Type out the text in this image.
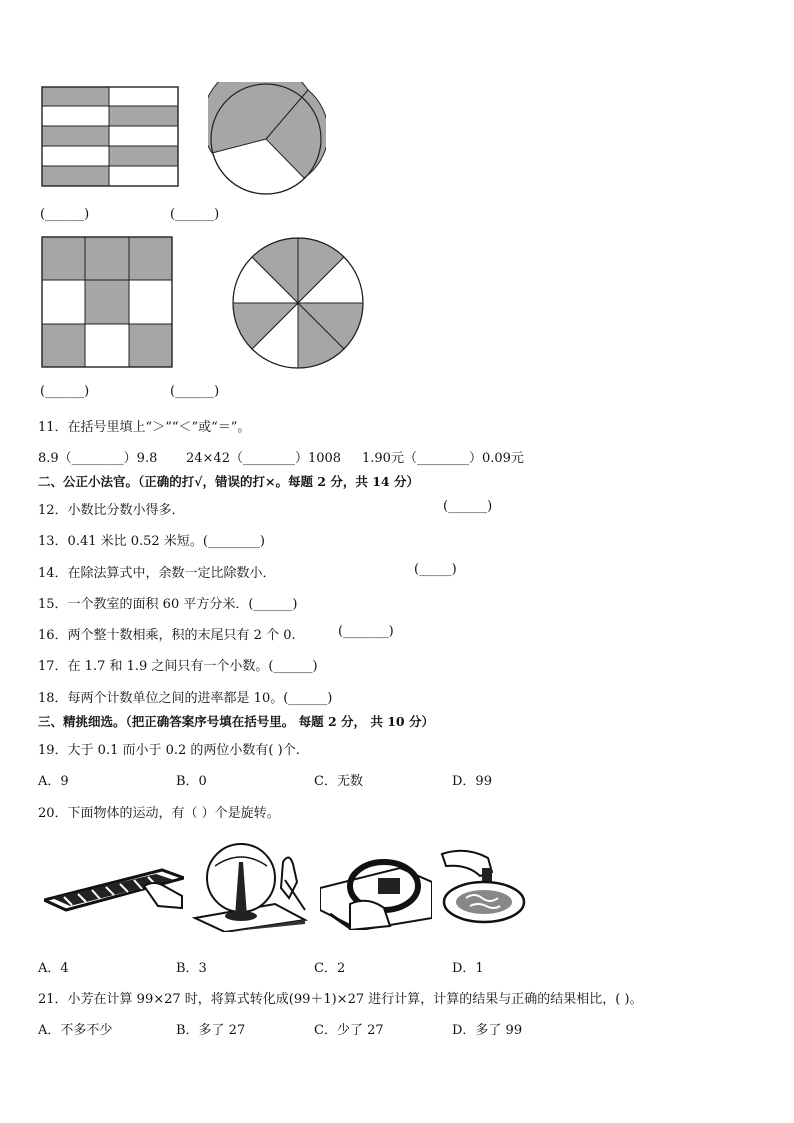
(______)	(______)
(______)	(______)
11．在括号里填上“＞”“＜”或“＝”。
8.9（________）9.8 24×42（________）1008 1.90元（________）0.09元
二、公正小法官。（正确的打√，错误的打×。每题 2 分，共 14 分）
12．小数比分数小得多．	(______)
13．0.41 米比 0.52 米短。(________)
14．在除法算式中，余数一定比除数小．	(_____)
15．一个教室的面积 60 平方分米．(______)
16．两个整十数相乘，积的末尾只有 2 个 0.	(_______)
17．在 1.7 和 1.9 之间只有一个小数。(______)
18．每两个计数单位之间的进率都是 10。(______)
三、精挑细选。（把正确答案序号填在括号里。 每题 2 分， 共 10 分）
19．大于 0.1 而小于 0.2 的两位小数有( )个.
A．9	B．0	C．无数	D．99
20．下面物体的运动，有（ ）个是旋转。
A．4	B．3	C．2	D．1
21．小芳在计算 99×27 时，将算式转化成(99＋1)×27 进行计算，计算的结果与正确的结果相比，( )。
A．不多不少	B．多了 27	C．少了 27	D．多了 99
